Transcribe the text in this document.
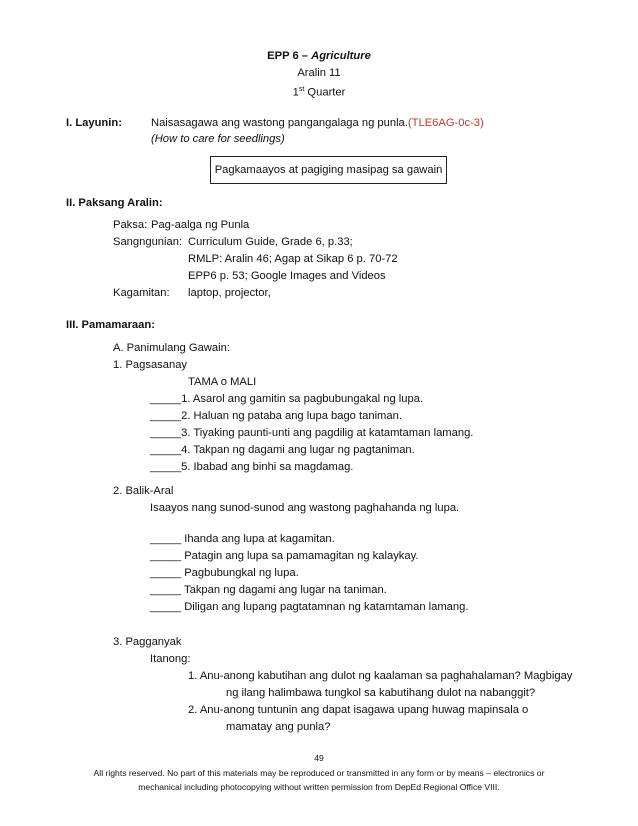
EPP 6 – Agriculture
Aralin 11
1st Quarter
I. Layunin:	Naisasagawa ang wastong pangangalaga ng punla.(TLE6AG-0c-3)
(How to care for seedlings)
Pagkamaayos at pagiging masipag sa gawain
II. Paksang Aralin:
Paksa: Pag-aalga ng Punla
Sangngunian: Curriculum Guide, Grade 6, p.33;
RMLP: Aralin 46; Agap at Sikap 6 p. 70-72
EPP6 p. 53; Google Images and Videos
Kagamitan: laptop, projector,
III. Pamamaraan:
A. Panimulang Gawain:
1. Pagsasanay
TAMA o MALI
_____1. Asarol ang gamitin sa pagbubungakal ng lupa.
_____2. Haluan ng pataba ang lupa bago taniman.
_____3. Tiyaking paunti-unti ang pagdilig at katamtaman lamang.
_____4. Takpan ng dagami ang lugar ng pagtaniman.
_____5. Ibabad ang binhi sa magdamag.
2. Balik-Aral
Isaayos nang sunod-sunod ang wastong paghahanda ng lupa.
_____ Ihanda ang lupa at kagamitan.
_____ Patagin ang lupa sa pamamagitan ng kalaykay.
_____ Pagbubungkal ng lupa.
_____ Takpan ng dagami ang lugar na taniman.
_____ Diligan ang lupang pagtatamnan ng katamtaman lamang.
3. Pagganyak
Itanong:
1. Anu-anong kabutihan ang dulot ng kaalaman sa paghahalaman? Magbigay
ng ilang halimbawa tungkol sa kabutihang dulot na nabanggit?
2. Anu-anong tuntunin ang dapat isagawa upang huwag mapinsala o
mamatay ang punla?
49
All rights reserved. No part of this materials may be reproduced or transmitted in any form or by means – electronics or
mechanical including photocopying without written permission from DepEd Regional Office VIII.
